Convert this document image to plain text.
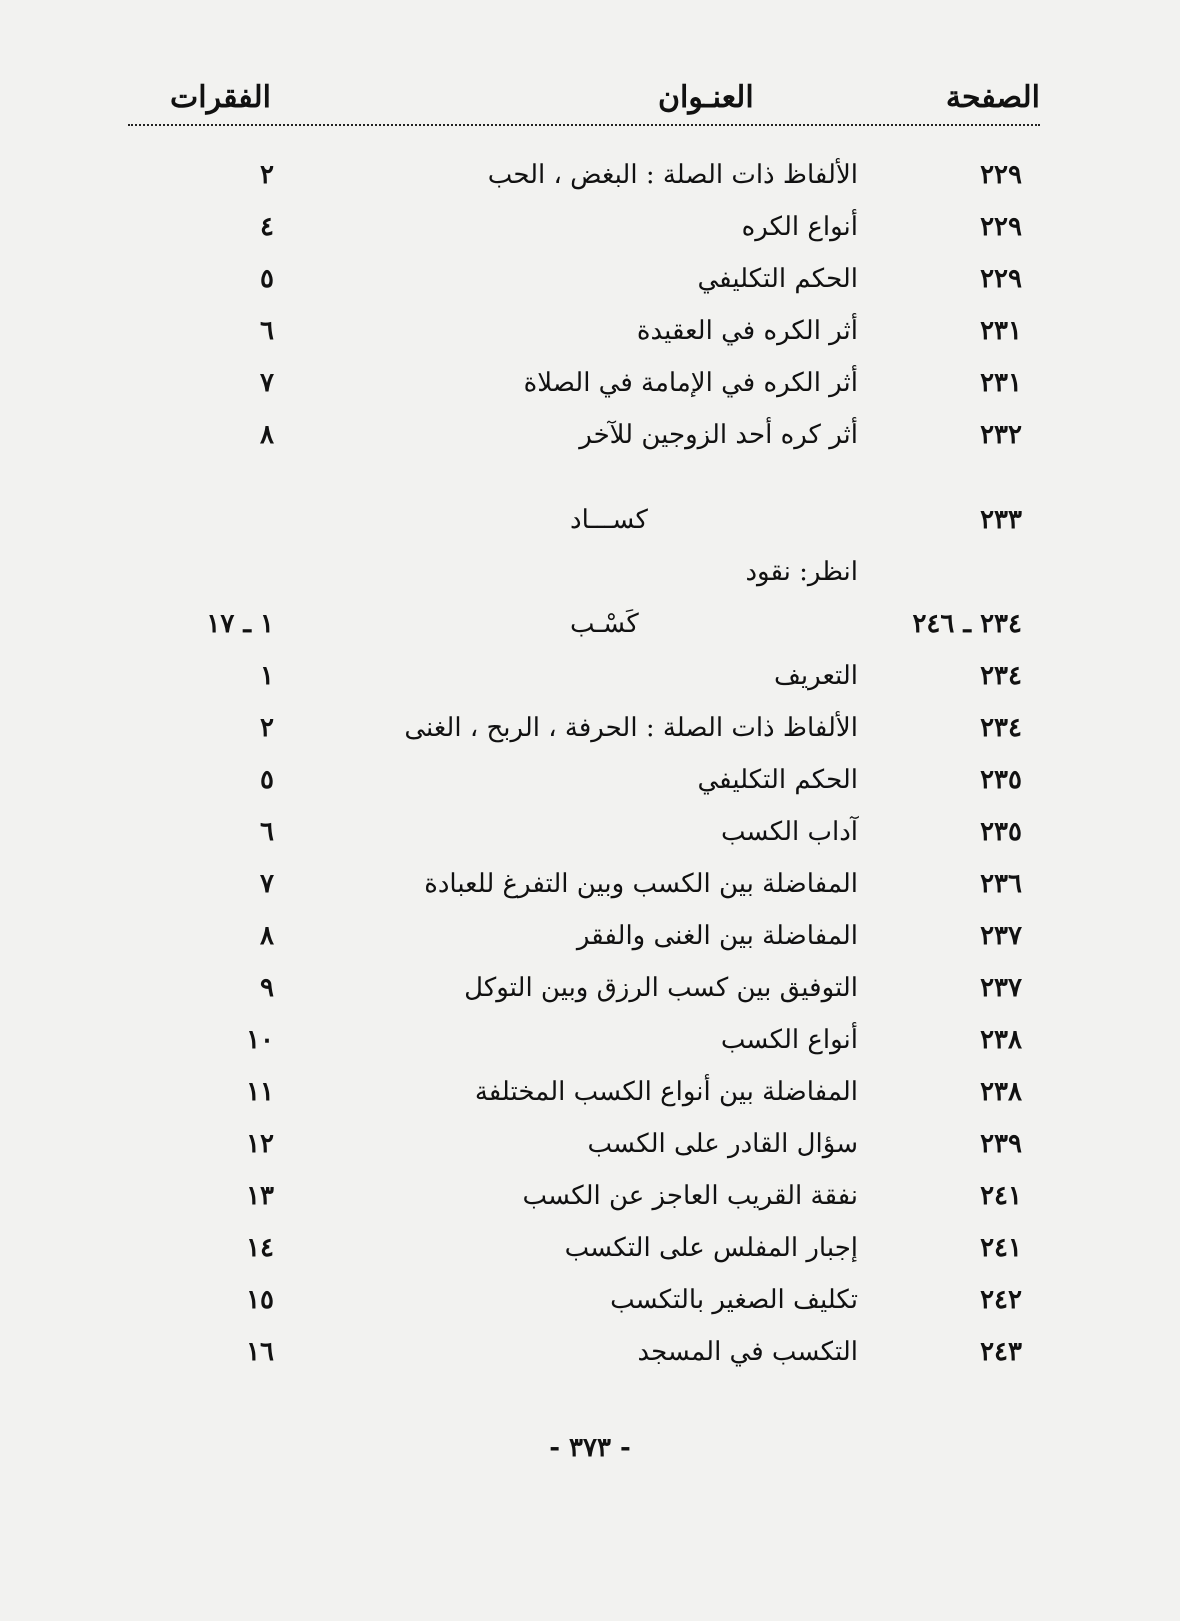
الصفحة
العنـوان
الفقرات
٢٢٩
الألفاظ ذات الصلة : البغض ، الحب
٢
٢٢٩
أنواع الكره
٤
٢٢٩
الحكم التكليفي
٥
٢٣١
أثر الكره في العقيدة
٦
٢٣١
أثر الكره في الإمامة في الصلاة
٧
٢٣٢
أثر كره أحد الزوجين للآخر
٨
٢٣٣
كســـاد
انظر: نقود
٢٣٤ ـ ٢٤٦
كَسْـب
١ ـ ١٧
٢٣٤
التعريف
١
٢٣٤
الألفاظ ذات الصلة : الحرفة ، الربح ، الغنى
٢
٢٣٥
الحكم التكليفي
٥
٢٣٥
آداب الكسب
٦
٢٣٦
المفاضلة بين الكسب وبين التفرغ للعبادة
٧
٢٣٧
المفاضلة بين الغنى والفقر
٨
٢٣٧
التوفيق بين كسب الرزق وبين التوكل
٩
٢٣٨
أنواع الكسب
١٠
٢٣٨
المفاضلة بين أنواع الكسب المختلفة
١١
٢٣٩
سؤال القادر على الكسب
١٢
٢٤١
نفقة القريب العاجز عن الكسب
١٣
٢٤١
إجبار المفلس على التكسب
١٤
٢٤٢
تكليف الصغير بالتكسب
١٥
٢٤٣
التكسب في المسجد
١٦
- ٣٧٣ -
